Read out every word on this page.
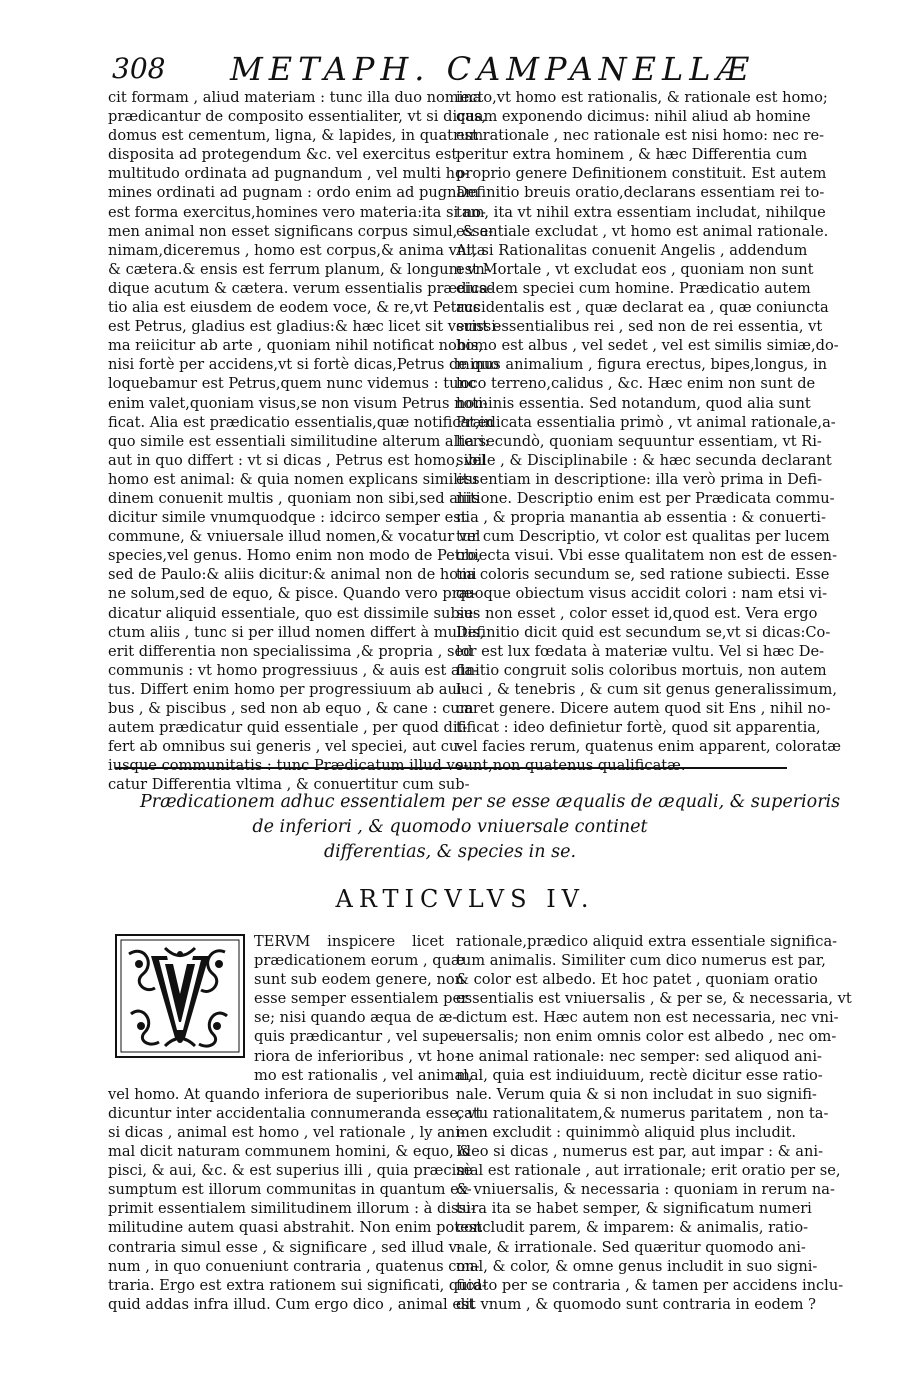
308 METAPH. CAMPANELLÆ
cit formam , aliud materiam : tunc illa duo nomina
prædicantur de composito essentialiter, vt si dicas,
domus est cementum, ligna, & lapides, in quatrum
disposita ad protegendum &c. vel exercitus est
multitudo ordinata ad pugnandum , vel multi ho-
mines ordinati ad pugnam : ordo enim ad pugnam
est forma exercitus,homines vero materia:ita si no-
men animal non esset significans corpus simul, & a-
nimam,diceremus , homo est corpus,& anima vnita
& cætera.& ensis est ferrum planum, & longum vn-
dique acutum & cætera. verum essentialis prædica-
tio alia est eiusdem de eodem voce, & re,vt Petrus
est Petrus, gladius est gladius:& hæc licet sit verissi-
ma reiicitur ab arte , quoniam nihil notificat nobis,
nisi fortè per accidens,vt si fortè dicas,Petrus de quo
loquebamur est Petrus,quem nunc videmus : tunc
enim valet,quoniam visus,se non visum Petrus noti-
ficat. Alia est prædicatio essentialis,quæ notificat,in
quo simile est essentiali similitudine alterum alteri:
aut in quo differt : vt si dicas , Petrus est homo, vel
homo est animal: & quia nomen explicans similitu
dinem conuenit multis , quoniam non sibi,sed aliis
dicitur simile vnumquodque : idcirco semper est
commune, & vniuersale illud nomen,& vocatur vel
species,vel genus. Homo enim non modo de Petro,
sed de Paulo:& aliis dicitur:& animal non de homi
ne solum,sed de equo, & pisce. Quando vero præ-
dicatur aliquid essentiale, quo est dissimile subie-
ctum aliis , tunc si per illud nomen differt à multis,
erit differentia non specialissima ,& propria , sed
communis : vt homo progressiuus , & auis est ala-
tus. Differt enim homo per progressiuum ab aui-
bus , & piscibus , sed non ab equo , & cane : cum
autem prædicatur quid essentiale , per quod dif-
fert ab omnibus sui generis , vel speciei, aut cu-
iusque communitatis : tunc Prædicatum illud vo-
catur Differentia vltima , & conuertitur cum sub-
iecto,vt homo est rationalis, & rationale est homo;
quam exponendo dicimus: nihil aliud ab homine
est rationale , nec rationale est nisi homo: nec re-
peritur extra hominem , & hæc Differentia cum
proprio genere Definitionem constituit. Est autem
Definitio breuis oratio,declarans essentiam rei to-
tam, ita vt nihil extra essentiam includat, nihilque
essentiale excludat , vt homo est animal rationale.
At, si Rationalitas conuenit Angelis , addendum
est Mortale , vt excludat eos , quoniam non sunt
eiusdem speciei cum homine. Prædicatio autem
accidentalis est , quæ declarat ea , quæ coniuncta
sunt essentialibus rei , sed non de rei essentia, vt
homo est albus , vel sedet , vel est similis simiæ,do-
minus animalium , figura erectus, bipes,longus, in
loco terreno,calidus , &c. Hæc enim non sunt de
hominis essentia. Sed notandum, quod alia sunt
Prædicata essentialia primò , vt animal rationale,a-
lia secundò, quoniam sequuntur essentiam, vt Ri-
sibile , & Disciplinabile : & hæc secunda declarant
essentiam in descriptione: illa verò prima in Defi-
nitione. Descriptio enim est per Prædicata commu-
nia , & propria manantia ab essentia : & conuerti-
tur cum Descriptio, vt color est qualitas per lucem
obiecta visui. Vbi esse qualitatem non est de essen-
tia coloris secundum se, sed ratione subiecti. Esse
quoque obiectum visus accidit colori : nam etsi vi-
sus non esset , color esset id,quod est. Vera ergo
Definitio dicit quid est secundum se,vt si dicas:Co-
lor est lux fœdata à materiæ vultu. Vel si hæc De-
finitio congruit solis coloribus mortuis, non autem
luci , & tenebris , & cum sit genus generalissimum,
caret genere. Dicere autem quod sit Ens , nihil no-
tificat : ideo definietur fortè, quod sit apparentia,
vel facies rerum, quatenus enim apparent, coloratæ
sunt,non quatenus qualificatæ.
Prædicationem adhuc essentialem per se esse æqualis de æquali, & superioris
de inferiori , & quomodo vniuersale continet
differentias, & species in se.
ARTICVLVS IV.
TERVM inspicere licet
prædicationem eorum , quæ
sunt sub eodem genere, non
esse semper essentialem per
se; nisi quando æqua de æ-
quis prædicantur , vel supe-
riora de inferioribus , vt ho-
mo est rationalis , vel animal,
vel homo. At quando inferiora de superioribus
dicuntur inter accidentalia connumeranda esse, vt
si dicas , animal est homo , vel rationale , ly ani-
mal dicit naturam communem homini, & equo, &
pisci, & aui, &c. & est superius illi , quia præcisè
sumptum est illorum communitas in quantum ex-
primit essentialem similitudinem illorum : à dissi-
militudine autem quasi abstrahit. Non enim potest
contraria simul esse , & significare , sed illud v-
num , in quo conueniunt contraria , quatenus con-
traria. Ergo est extra rationem sui significati, quid-
quid addas infra illud. Cum ergo dico , animal est
rationale,prædico aliquid extra essentiale significa-
tum animalis. Similiter cum dico numerus est par,
& color est albedo. Et hoc patet , quoniam oratio
essentialis est vniuersalis , & per se, & necessaria, vt
dictum est. Hæc autem non est necessaria, nec vni-
uersalis; non enim omnis color est albedo , nec om-
ne animal rationale: nec semper: sed aliquod ani-
mal, quia est indiuiduum, rectè dicitur esse ratio-
nale. Verum quia & si non includat in suo signifi-
catu rationalitatem,& numerus paritatem , non ta-
men excludit : quinimmò aliquid plus includit.
Ideo si dicas , numerus est par, aut impar : & ani-
mal est rationale , aut irrationale; erit oratio per se,
& vniuersalis, & necessaria : quoniam in rerum na-
tura ita se habet semper, & significatum numeri
concludit parem, & imparem: & animalis, ratio-
nale, & irrationale. Sed quæritur quomodo ani-
mal, & color, & omne genus includit in suo signi-
ficato per se contraria , & tamen per accidens inclu-
dit vnum , & quomodo sunt contraria in eodem ?
